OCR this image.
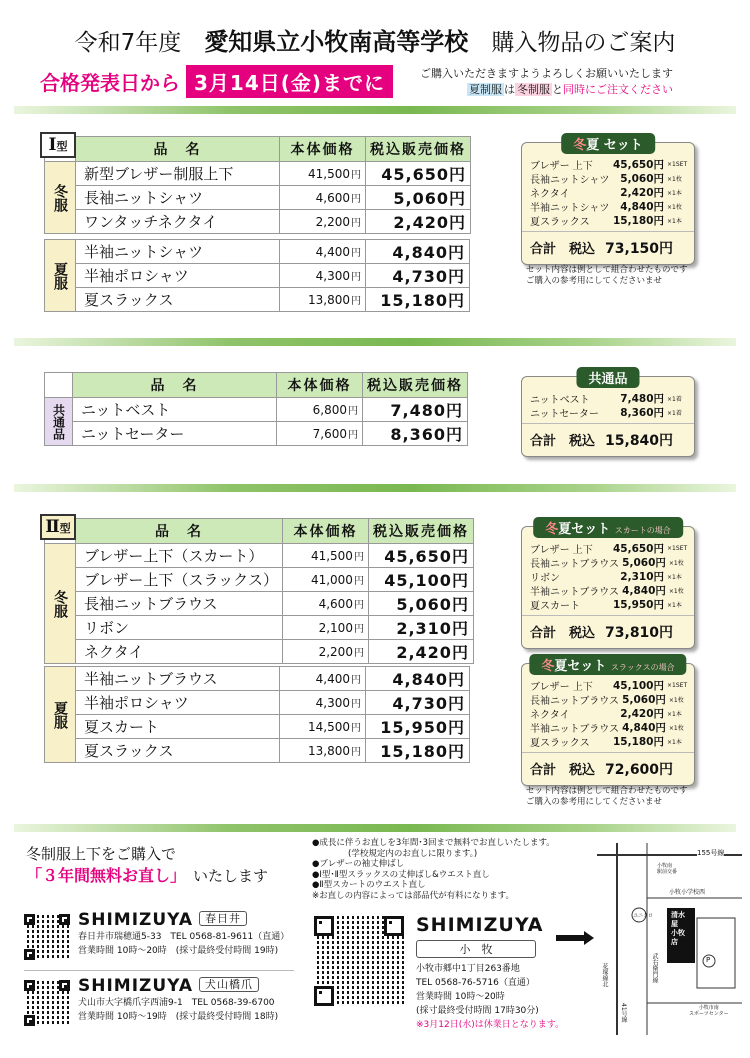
令和7年度　 愛知県立小牧南高等学校　 購入物品のご案内
合格発表日から 3月14日(金)までに	ご購入いただきますようよろしくお願いいたします
夏制服 は 冬制服 と同時にご注文ください
Ⅰ型
		品　名	本体価格	税込販売価格
冬服	新型ブレザー制服上下	41,500円	45,650円
	長袖ニットシャツ	4,600円	5,060円
	ワンタッチネクタイ	2,200円	2,420円
夏服	半袖ニットシャツ	4,400円	4,840円
	半袖ポロシャツ	4,300円	4,730円
	夏スラックス	13,800円	15,180円
冬夏 セット
ブレザー 上下	45,650円 ×1SET
長袖ニットシャツ	5,060円 ×1枚
ネクタイ	2,420円 ×1本
半袖ニットシャツ	4,840円 ×1枚
夏スラックス	15,180円 ×1本
合計　税込 73,150円
セット内容は例として組合わせたものです
ご購入の参考用にしてくださいませ
	品　名	本体価格	税込販売価格
共通品	ニットベスト	6,800円	7,480円
	ニットセーター	7,600円	8,360円
共通品
ニットベスト	7,480円 ×1着
ニットセーター	8,360円 ×1着
合計　税込 15,840円
Ⅱ型
		品　名	本体価格	税込販売価格
冬服	ブレザー上下（スカート）	41,500円	45,650円
	ブレザー上下（スラックス）	41,000円	45,100円
	長袖ニットブラウス	4,600円	5,060円
	リボン	2,100円	2,310円
	ネクタイ	2,200円	2,420円
夏服	半袖ニットブラウス	4,400円	4,840円
	半袖ポロシャツ	4,300円	4,730円
	夏スカート	14,500円	15,950円
	夏スラックス	13,800円	15,180円
冬夏セット スカートの場合
ブレザー 上下	45,650円 ×1SET
長袖ニットブラウス 5,060円 ×1枚
リボン	2,310円 ×1本
半袖ニットブラウス 4,840円 ×1枚
夏スカート	15,950円 ×1本
合計　税込 73,810円
冬夏セット スラックスの場合
ブレザー 上下	45,100円 ×1SET
長袖ニットブラウス 5,060円 ×1枚
ネクタイ	2,420円 ×1本
半袖ニットブラウス 4,840円 ×1枚
夏スラックス	15,180円 ×1本
合計　税込 72,600円
セット内容は例として組合わせたものです
ご購入の参考用にしてくださいませ
冬制服上下をご購入で
「３年間無料お直し」　 いたします
●成長に伴うお直しを3年間･3回まで無料でお直しいたします。
(学校規定内のお直しに限ります。)
●ブレザーの袖丈伸ばし
●Ⅰ型･Ⅱ型スラックスの丈伸ばし&ウエスト直し
●Ⅱ型スカートのウエスト直し
※お直しの内容によっては部品代が有料になります。
SHIMIZUYA 春日井
春日井市瑞穂通5-33　TEL 0568-81-9611（直通）
営業時間 10時～20時　(採寸最終受付時間 19時)
SHIMIZUYA 犬山橋爪
犬山市大字橋爪字西浦9-1　TEL 0568-39-6700
営業時間 10時～19時　(採寸最終受付時間 18時)
SHIMIZUYA
小　牧
小牧市郷中1丁目263番地
TEL 0568-76-5716（直通）
営業時間 10時～20時
(採寸最終受付時間 17時30分)
※3月12日(水)は休業日となります。
155号線
小牧南
駅前交番
小牧小学校西
清水屋
小牧店
ユニクロ
P
花塚線北	武右衛門線
41号線	小牧市南
スポーツセンター
